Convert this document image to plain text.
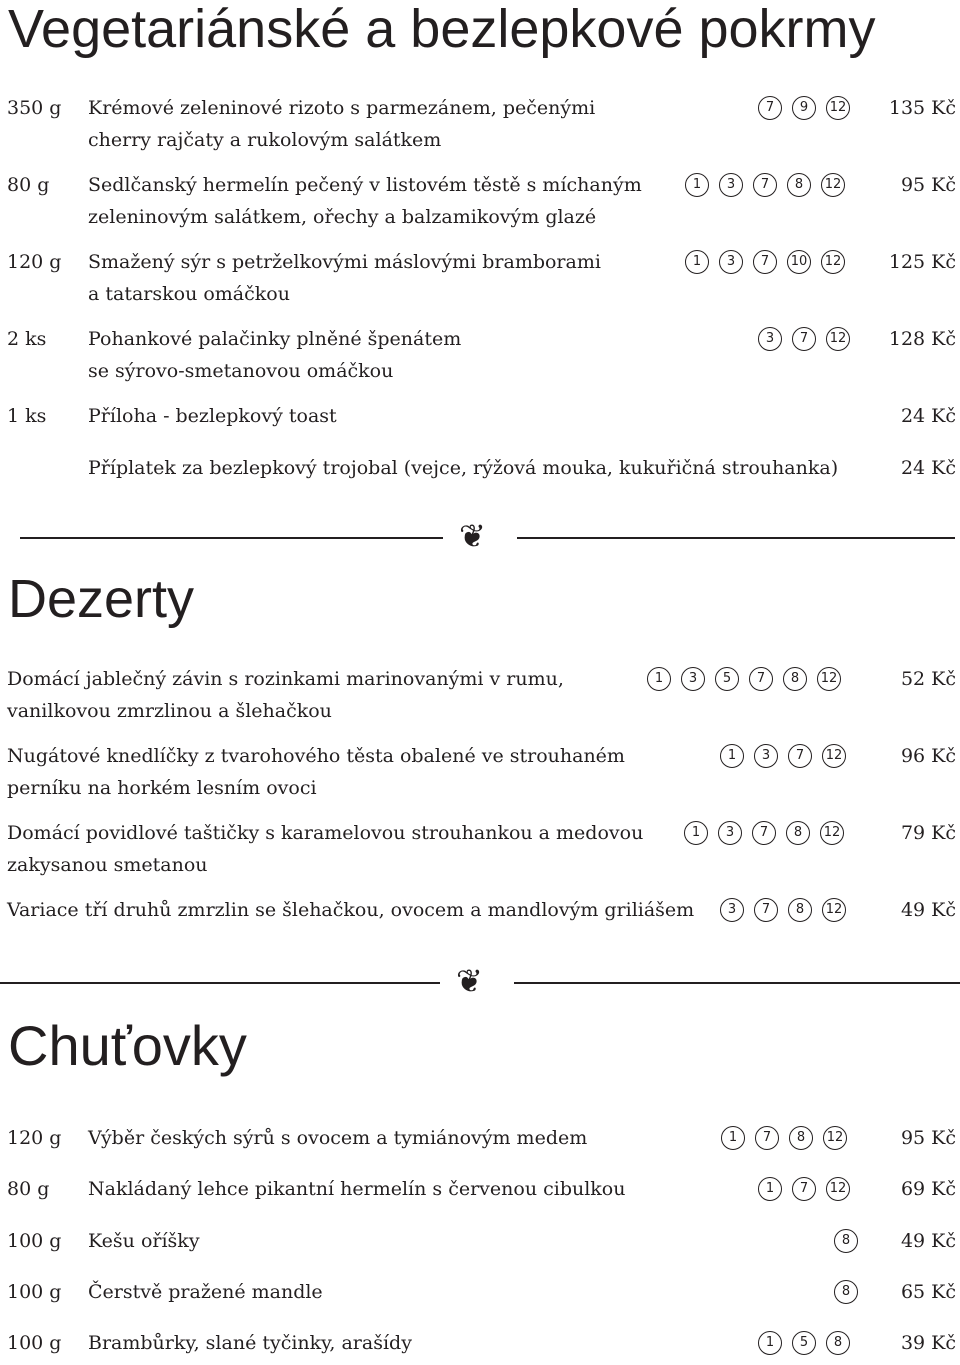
Vegetariánské a bezlepkové pokrmy
350 g Krémové zeleninové rizoto s parmezánem, pečenými
cherry rajčaty a rukolovým salátkem
7	9	12 135 Kč
80 g Sedlčanský hermelín pečený v listovém těstě s míchaným
zeleninovým salátkem, ořechy a balzamikovým glazé
1	3	7	8	12	95 Kč
120 g Smažený sýr s petrželkovými máslovými bramborami
a tatarskou omáčkou
1	3	7	10 12	125 Kč
2 ks Pohankové palačinky plněné špenátem
se sýrovo-smetanovou omáčkou
3	7	12 128 Kč
1 ks Příloha - bezlepkový toast	24 Kč
Příplatek za bezlepkový trojobal (vejce, rýžová mouka, kukuřičná strouhanka)	24 Kč
❦
Dezerty
Domácí jablečný závin s rozinkami marinovanými v rumu,
vanilkovou zmrzlinou a šlehačkou
1	3	5	7	8	12	52 Kč
Nugátové knedlíčky z tvarohového těsta obalené ve strouhaném
perníku na horkém lesním ovoci
1	3	7	12	96 Kč
Domácí povidlové taštičky s karamelovou strouhankou a medovou
zakysanou smetanou
1	3	7	8	12	79 Kč
Variace tří druhů zmrzlin se šlehačkou, ovocem a mandlovým griliášem	3	7	8	12	49 Kč
❦
Chuťovky
120 g Výběr českých sýrů s ovocem a tymiánovým medem	1	7	8	12	95 Kč
80 g Nakládaný lehce pikantní hermelín s červenou cibulkou	1	7	12	69 Kč
100 g Kešu oříšky	8	49 Kč
100 g Čerstvě pražené mandle	8	65 Kč
100 g Brambůrky, slané tyčinky, arašídy	1	5	8	39 Kč
